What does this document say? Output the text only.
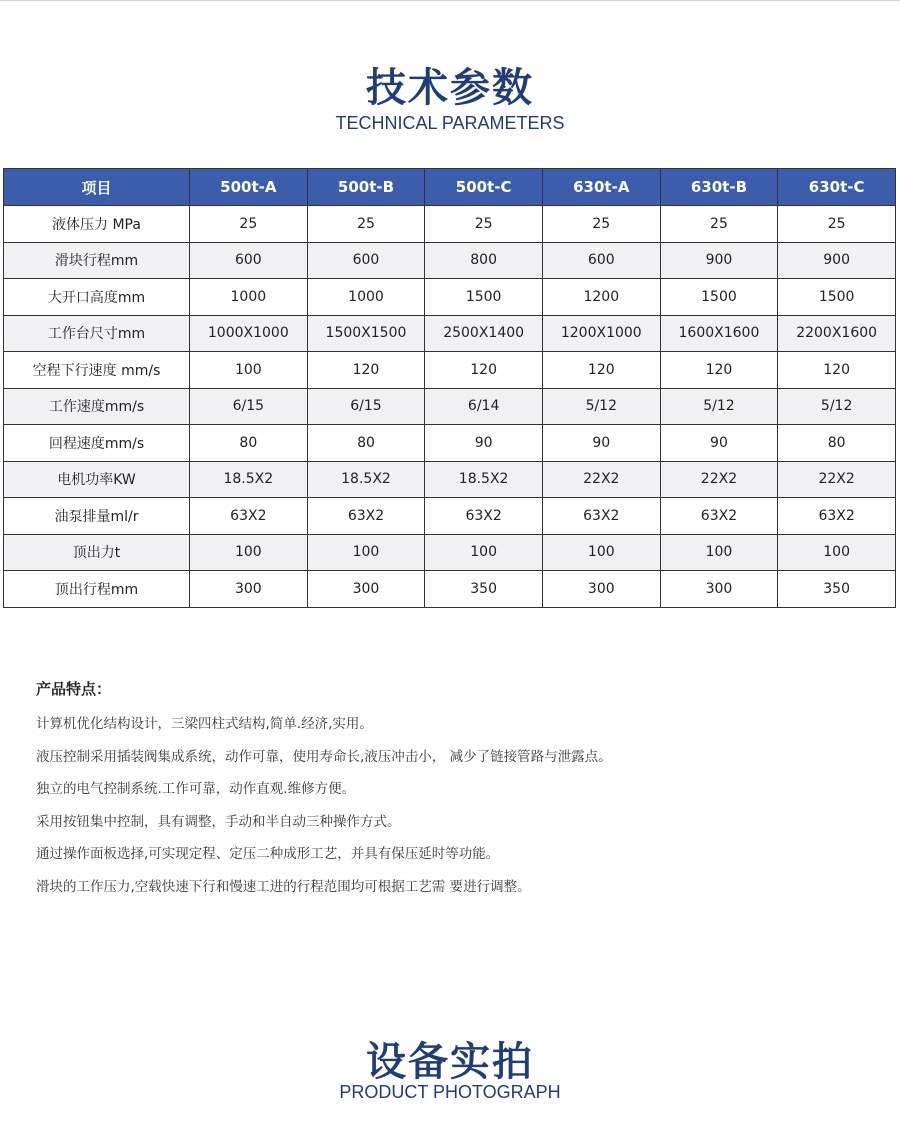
技术参数
TECHNICAL PARAMETERS
项目	500t-A	500t-B	500t-C	630t-A	630t-B	630t-C
液体压力 MPa	25	25	25	25	25	25
滑块行程mm	600	600	800	600	900	900
大开口高度mm	1000	1000	1500	1200	1500	1500
工作台尺寸mm	1000X1000	1500X1500	2500X1400	1200X1000	1600X1600	2200X1600
空程下行速度 mm/s	100	120	120	120	120	120
工作速度mm/s	6/15	6/15	6/14	5/12	5/12	5/12
回程速度mm/s	80	80	90	90	90	80
电机功率KW	18.5X2	18.5X2	18.5X2	22X2	22X2	22X2
油泵排量ml/r	63X2	63X2	63X2	63X2	63X2	63X2
顶出力t	100	100	100	100	100	100
顶出行程mm	300	300	350	300	300	350
产品特点：

计算机优化结构设计，三梁四柱式结构,简单.经济,实用。

液压控制采用插装阀集成系统，动作可靠，使用寿命长,液压冲击小， 减少了链接管路与泄露点。

独立的电气控制系统.工作可靠，动作直观.维修方便。

采用按钮集中控制，具有调整，手动和半自动三种操作方式。

通过操作面板选择,可实现定程、定压二种成形工艺，并具有保压延时等功能。

滑块的工作压力,空载快速下行和慢速工进的行程范围均可根据工艺需 要进行调整。

设备实拍
PRODUCT PHOTOGRAPH
